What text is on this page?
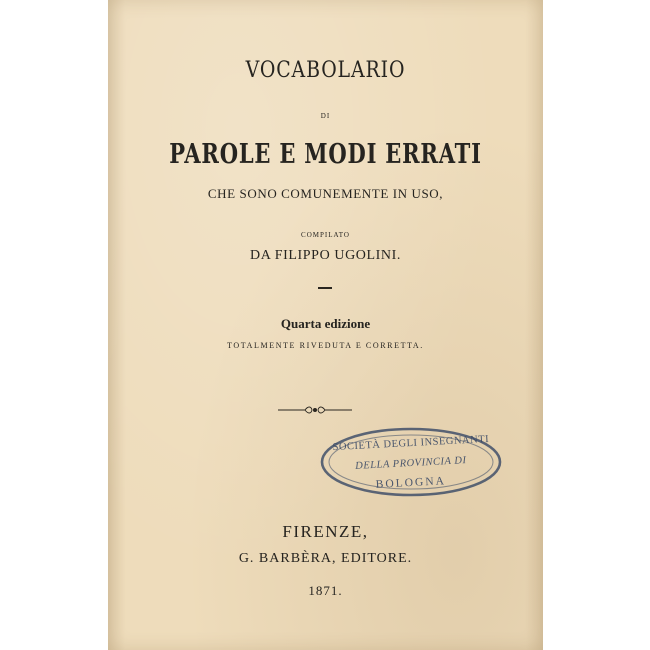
VOCABOLARIO
DI
PAROLE E MODI ERRATI
CHE SONO COMUNEMENTE IN USO,
COMPILATO
DA FILIPPO UGOLINI.
Quarta edizione
TOTALMENTE RIVEDUTA E CORRETTA.
SOCIETÀ DEGLI INSEGNANTI
DELLA PROVINCIA DI
BOLOGNA
FIRENZE,
G. BARBÈRA, EDITORE.
1871.
